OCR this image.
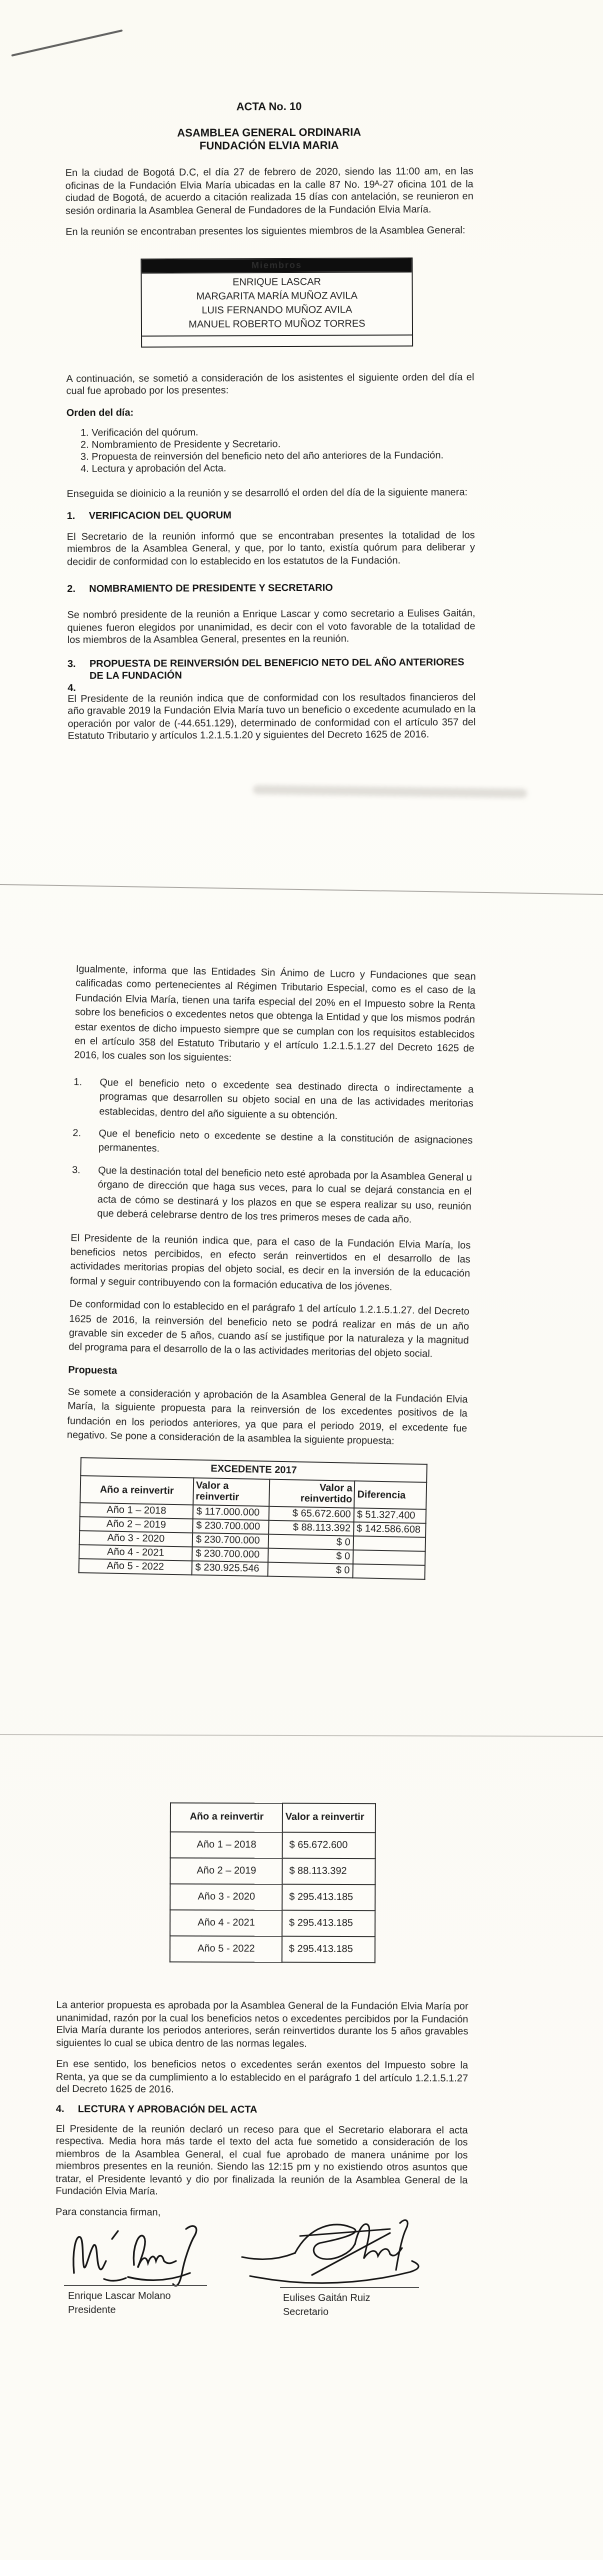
ACTA No. 10

ASAMBLEA GENERAL ORDINARIA
FUNDACIÓN ELVIA MARIA

En la ciudad de Bogotá D.C, el día 27 de febrero de 2020, siendo las 11:00 am, en las oficinas de la Fundación Elvia María ubicadas en la calle 87 No. 19ᴬ-27 oficina 101 de la ciudad de Bogotá, de acuerdo a citación realizada 15 días con antelación, se reunieron en sesión ordinaria la Asamblea General de Fundadores de la Fundación Elvia María.

En la reunión se encontraban presentes los siguientes miembros de la Asamblea General:

Miembros
ENRIQUE LASCAR
MARGARITA MARÍA MUÑOZ AVILA
LUIS FERNANDO MUÑOZ AVILA
MANUEL ROBERTO MUÑOZ TORRES

A continuación, se sometió a consideración de los asistentes el siguiente orden del día el cual fue aprobado por los presentes:

Orden del día:

1. Verificación del quórum.

2. Nombramiento de Presidente y Secretario.

3. Propuesta de reinversión del beneficio neto del año anteriores de la Fundación.

4. Lectura y aprobación del Acta.

Enseguida se dioinicio a la reunión y se desarrolló el orden del día de la siguiente manera:

1.	VERIFICACION DEL QUORUM

El Secretario de la reunión informó que se encontraban presentes la totalidad de los miembros de la Asamblea General, y que, por lo tanto, existía quórum para deliberar y decidir de conformidad con lo establecido en los estatutos de la Fundación.

2.	NOMBRAMIENTO DE PRESIDENTE Y SECRETARIO

Se nombró presidente de la reunión a Enrique Lascar y como secretario a Eulises Gaitán, quienes fueron elegidos por unanimidad, es decir con el voto favorable de la totalidad de los miembros de la Asamblea General, presentes en la reunión.

3.	PROPUESTA DE REINVERSIÓN DEL BENEFICIO NETO DEL AÑO ANTERIORES DE LA FUNDACIÓN

4.

El Presidente de la reunión indica que de conformidad con los resultados financieros del año gravable 2019 la Fundación Elvia María tuvo un beneficio o excedente acumulado en la operación por valor de (-44.651.129), determinado de conformidad con el artículo 357 del Estatuto Tributario y artículos 1.2.1.5.1.20 y siguientes del Decreto 1625 de 2016.

Igualmente, informa que las Entidades Sin Ánimo de Lucro y Fundaciones que sean calificadas como pertenecientes al Régimen Tributario Especial, como es el caso de la Fundación Elvia María, tienen una tarifa especial del 20% en el Impuesto sobre la Renta sobre los beneficios o excedentes netos que obtenga la Entidad y que los mismos podrán estar exentos de dicho impuesto siempre que se cumplan con los requisitos establecidos en el artículo 358 del Estatuto Tributario y el artículo 1.2.1.5.1.27 del Decreto 1625 de 2016, los cuales son los siguientes:

1.	Que el beneficio neto o excedente sea destinado directa o indirectamente a programas que desarrollen su objeto social en una de las actividades meritorias establecidas, dentro del año siguiente a su obtención.
2.	Que el beneficio neto o excedente se destine a la constitución de asignaciones permanentes.
3.	Que la destinación total del beneficio neto esté aprobada por la Asamblea General u órgano de dirección que haga sus veces, para lo cual se dejará constancia en el acta de cómo se destinará y los plazos en que se espera realizar su uso, reunión que deberá celebrarse dentro de los tres primeros meses de cada año.

El Presidente de la reunión indica que, para el caso de la Fundación Elvia María, los beneficios netos percibidos, en efecto serán reinvertidos en el desarrollo de las actividades meritorias propias del objeto social, es decir en la inversión de la educación formal y seguir contribuyendo con la formación educativa de los jóvenes.

De conformidad con lo establecido en el parágrafo 1 del artículo 1.2.1.5.1.27. del Decreto 1625 de 2016, la reinversión del beneficio neto se podrá realizar en más de un año gravable sin exceder de 5 años, cuando así se justifique por la naturaleza y la magnitud del programa para el desarrollo de la o las actividades meritorias del objeto social.

Propuesta

Se somete a consideración y aprobación de la Asamblea General de la Fundación Elvia María, la siguiente propuesta para la reinversión de los excedentes positivos de la fundación en los periodos anteriores, ya que para el periodo 2019, el excedente fue negativo. Se pone a consideración de la asamblea la siguiente propuesta:

EXCEDENTE 2017			
Año a reinvertir	Valor a reinvertir	Valor a reinvertido	Diferencia
Año 1 – 2018	$ 117.000.000	$ 65.672.600	$ 51.327.400
Año 2 – 2019	$ 230.700.000	$ 88.113.392	$ 142.586.608
Año 3 - 2020	$ 230.700.000	$ 0	
Año 4 - 2021	$ 230.700.000	$ 0	
Año 5 - 2022	$ 230.925.546	$ 0	
Año a reinvertir	Valor a reinvertir
Año 1 – 2018	$ 65.672.600
Año 2 – 2019	$ 88.113.392
Año 3 - 2020	$ 295.413.185
Año 4 - 2021	$ 295.413.185
Año 5 - 2022	$ 295.413.185

La anterior propuesta es aprobada por la Asamblea General de la Fundación Elvia María por unanimidad, razón por la cual los beneficios netos o excedentes percibidos por la Fundación Elvia María durante los periodos anteriores, serán reinvertidos durante los 5 años gravables siguientes lo cual se ubica dentro de las normas legales.

En ese sentido, los beneficios netos o excedentes serán exentos del Impuesto sobre la Renta, ya que se da cumplimiento a lo establecido en el parágrafo 1 del artículo 1.2.1.5.1.27 del Decreto 1625 de 2016.

4.	LECTURA Y APROBACIÓN DEL ACTA

El Presidente de la reunión declaró un receso para que el Secretario elaborara el acta respectiva. Media hora más tarde el texto del acta fue sometido a consideración de los miembros de la Asamblea General, el cual fue aprobado de manera unánime por los miembros presentes en la reunión. Siendo las 12:15 pm y no existiendo otros asuntos que tratar, el Presidente levantó y dio por finalizada la reunión de la Asamblea General de la Fundación Elvia María.

Para constancia firman,

Enrique Lascar Molano
Presidente
Eulises Gaitán Ruiz
Secretario
